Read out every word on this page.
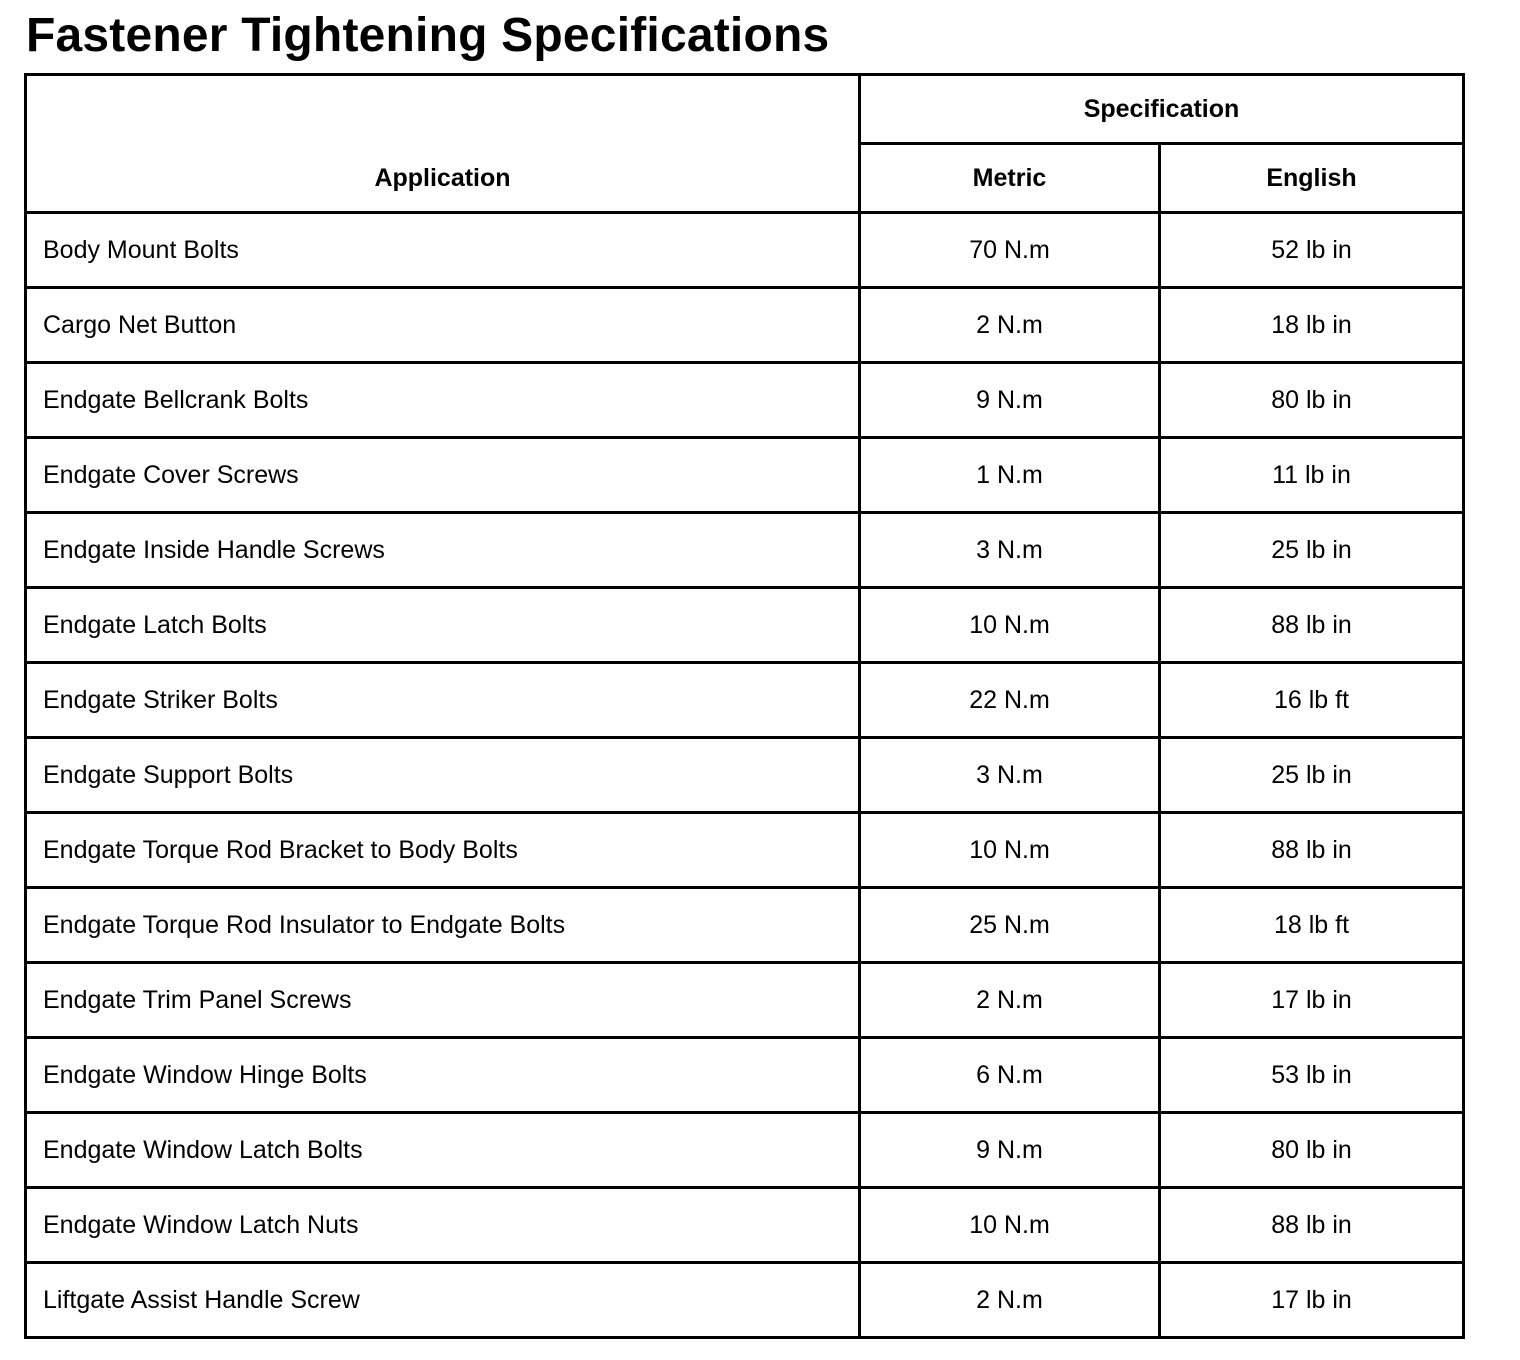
Fastener Tightening Specifications
Application	Specification	
	Metric	English
Body Mount Bolts	70 N.m	52 lb in
Cargo Net Button	2 N.m	18 lb in
Endgate Bellcrank Bolts	9 N.m	80 lb in
Endgate Cover Screws	1 N.m	11 lb in
Endgate Inside Handle Screws	3 N.m	25 lb in
Endgate Latch Bolts	10 N.m	88 lb in
Endgate Striker Bolts	22 N.m	16 lb ft
Endgate Support Bolts	3 N.m	25 lb in
Endgate Torque Rod Bracket to Body Bolts	10 N.m	88 lb in
Endgate Torque Rod Insulator to Endgate Bolts	25 N.m	18 lb ft
Endgate Trim Panel Screws	2 N.m	17 lb in
Endgate Window Hinge Bolts	6 N.m	53 lb in
Endgate Window Latch Bolts	9 N.m	80 lb in
Endgate Window Latch Nuts	10 N.m	88 lb in
Liftgate Assist Handle Screw	2 N.m	17 lb in
